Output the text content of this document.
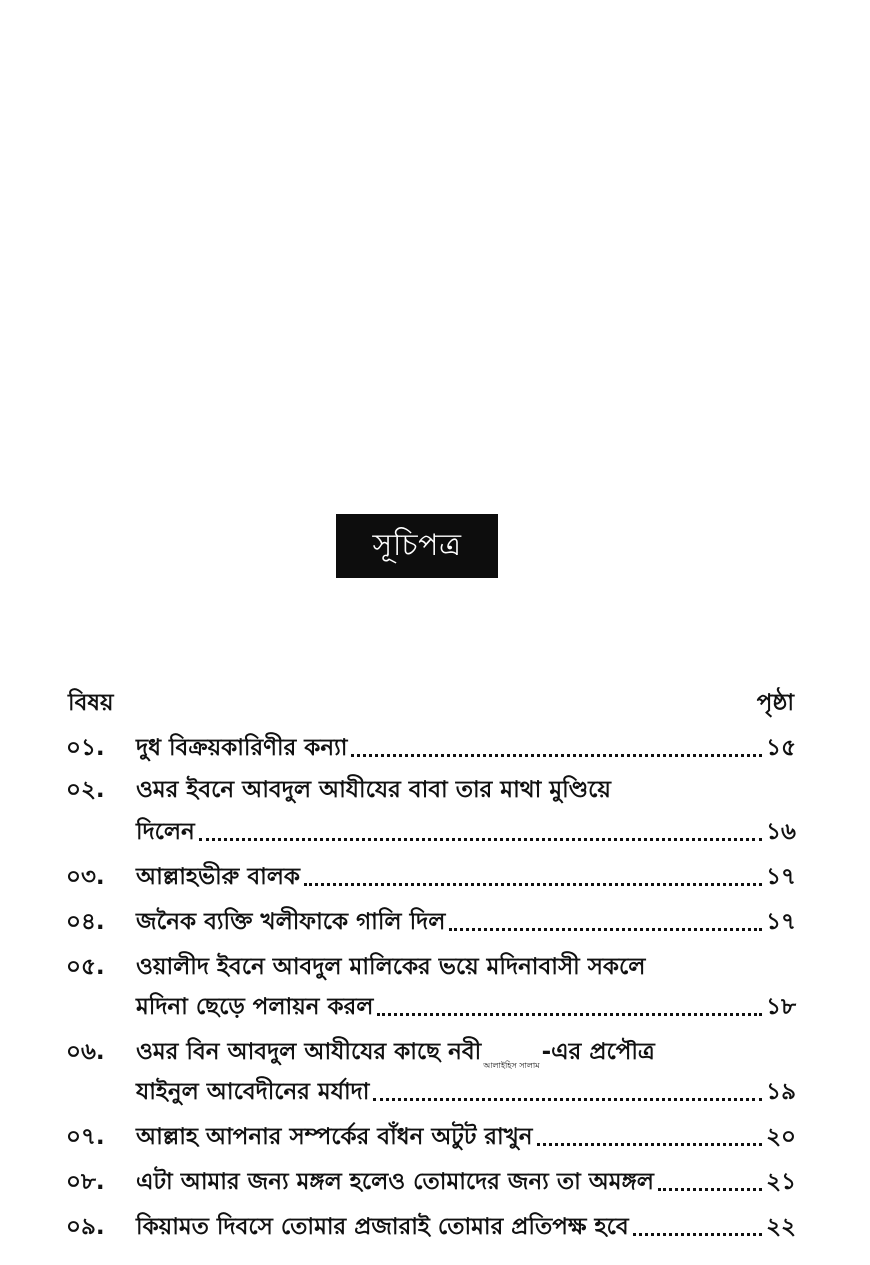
সূচিপত্র
বিষয়	পৃষ্ঠা
০১.	দুধ বিক্রয়কারিণীর কন্যা	১৫
০২.	ওমর ইবনে আবদুল আযীযের বাবা তার মাথা মুণ্ডিয়ে
দিলেন	১৬
০৩.	আল্লাহভীরু বালক	১৭
০৪.	জনৈক ব্যক্তি খলীফাকে গালি দিল	১৭
০৫.	ওয়ালীদ ইবনে আবদুল মালিকের ভয়ে মদিনাবাসী সকলে
মদিনা ছেড়ে পলায়ন করল	১৮
০৬.	ওমর বিন আবদুল আযীযের কাছে নবী
আলাইহিস সালাম
-এর প্রপৌত্র
যাইনুল আবেদীনের মর্যাদা	১৯
০৭.	আল্লাহ আপনার সম্পর্কের বাঁধন অটুট রাখুন	২০
০৮.	এটা আমার জন্য মঙ্গল হলেও তোমাদের জন্য তা অমঙ্গল	২১
০৯.	কিয়ামত দিবসে তোমার প্রজারাই তোমার প্রতিপক্ষ হবে	২২
